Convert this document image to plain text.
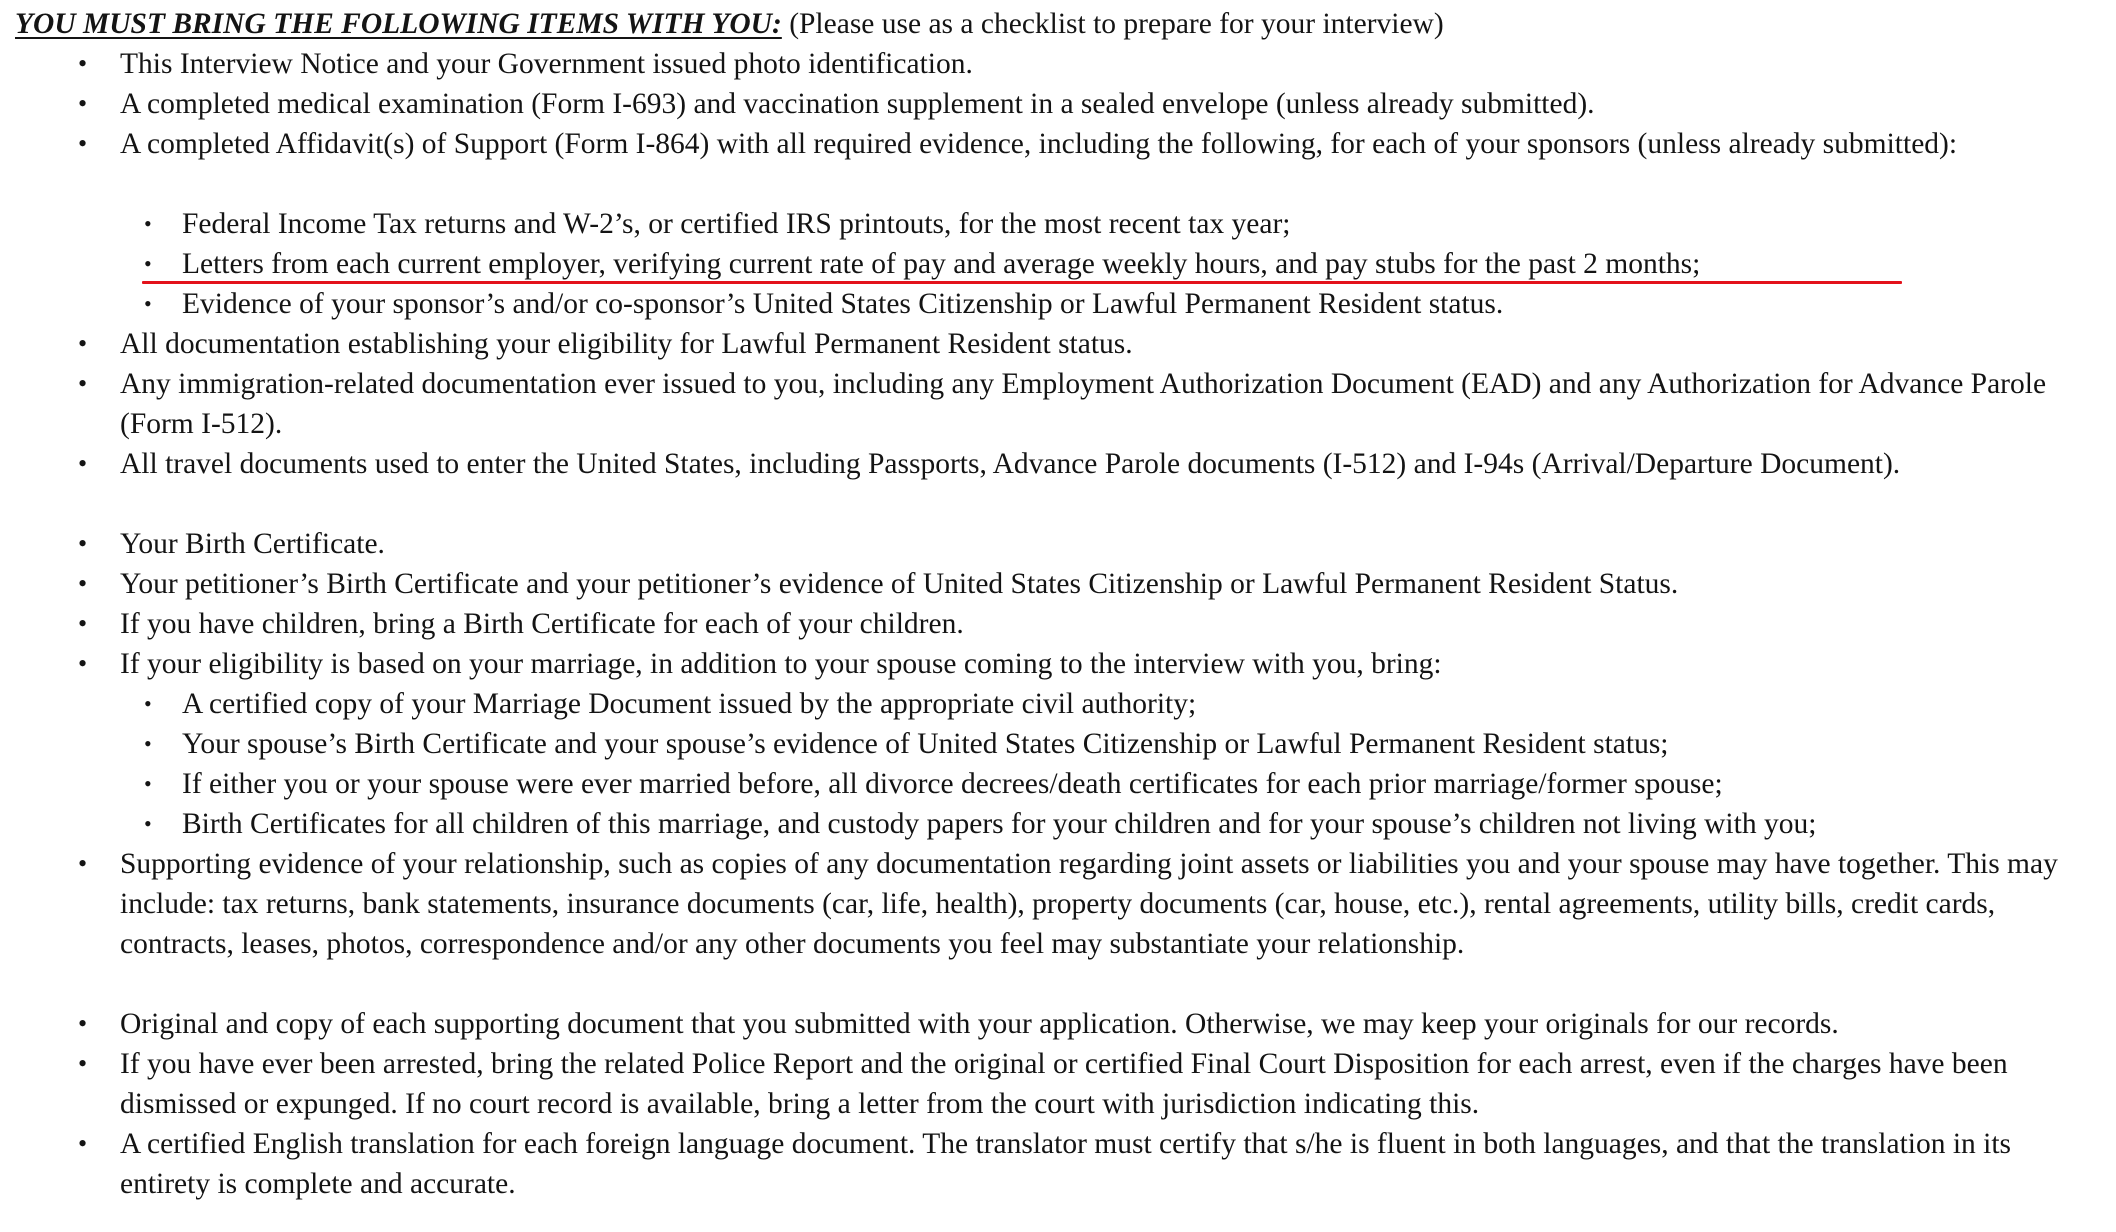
YOU MUST BRING THE FOLLOWING ITEMS WITH YOU: (Please use as a checklist to prepare for your interview)
• This Interview Notice and your Government issued photo identification.
• A completed medical examination (Form I-693) and vaccination supplement in a sealed envelope (unless already submitted).
• A completed Affidavit(s) of Support (Form I-864) with all required evidence, including the following, for each of your sponsors (unless already submitted):
• Federal Income Tax returns and W-2’s, or certified IRS printouts, for the most recent tax year;
• Letters from each current employer, verifying current rate of pay and average weekly hours, and pay stubs for the past 2 months;
• Evidence of your sponsor’s and/or co-sponsor’s United States Citizenship or Lawful Permanent Resident status.
• All documentation establishing your eligibility for Lawful Permanent Resident status.
• Any immigration-related documentation ever issued to you, including any Employment Authorization Document (EAD) and any Authorization for Advance Parole (Form I-512).
• All travel documents used to enter the United States, including Passports, Advance Parole documents (I-512) and I-94s (Arrival/Departure Document).
• Your Birth Certificate.
• Your petitioner’s Birth Certificate and your petitioner’s evidence of United States Citizenship or Lawful Permanent Resident Status.
• If you have children, bring a Birth Certificate for each of your children.
• If your eligibility is based on your marriage, in addition to your spouse coming to the interview with you, bring:
• A certified copy of your Marriage Document issued by the appropriate civil authority;
• Your spouse’s Birth Certificate and your spouse’s evidence of United States Citizenship or Lawful Permanent Resident status;
• If either you or your spouse were ever married before, all divorce decrees/death certificates for each prior marriage/former spouse;
• Birth Certificates for all children of this marriage, and custody papers for your children and for your spouse’s children not living with you;
• Supporting evidence of your relationship, such as copies of any documentation regarding joint assets or liabilities you and your spouse may have together. This may include: tax returns, bank statements, insurance documents (car, life, health), property documents (car, house, etc.), rental agreements, utility bills, credit cards, contracts, leases, photos, correspondence and/or any other documents you feel may substantiate your relationship.
• Original and copy of each supporting document that you submitted with your application. Otherwise, we may keep your originals for our records.
• If you have ever been arrested, bring the related Police Report and the original or certified Final Court Disposition for each arrest, even if the charges have been dismissed or expunged. If no court record is available, bring a letter from the court with jurisdiction indicating this.
• A certified English translation for each foreign language document. The translator must certify that s/he is fluent in both languages, and that the translation in its entirety is complete and accurate.
